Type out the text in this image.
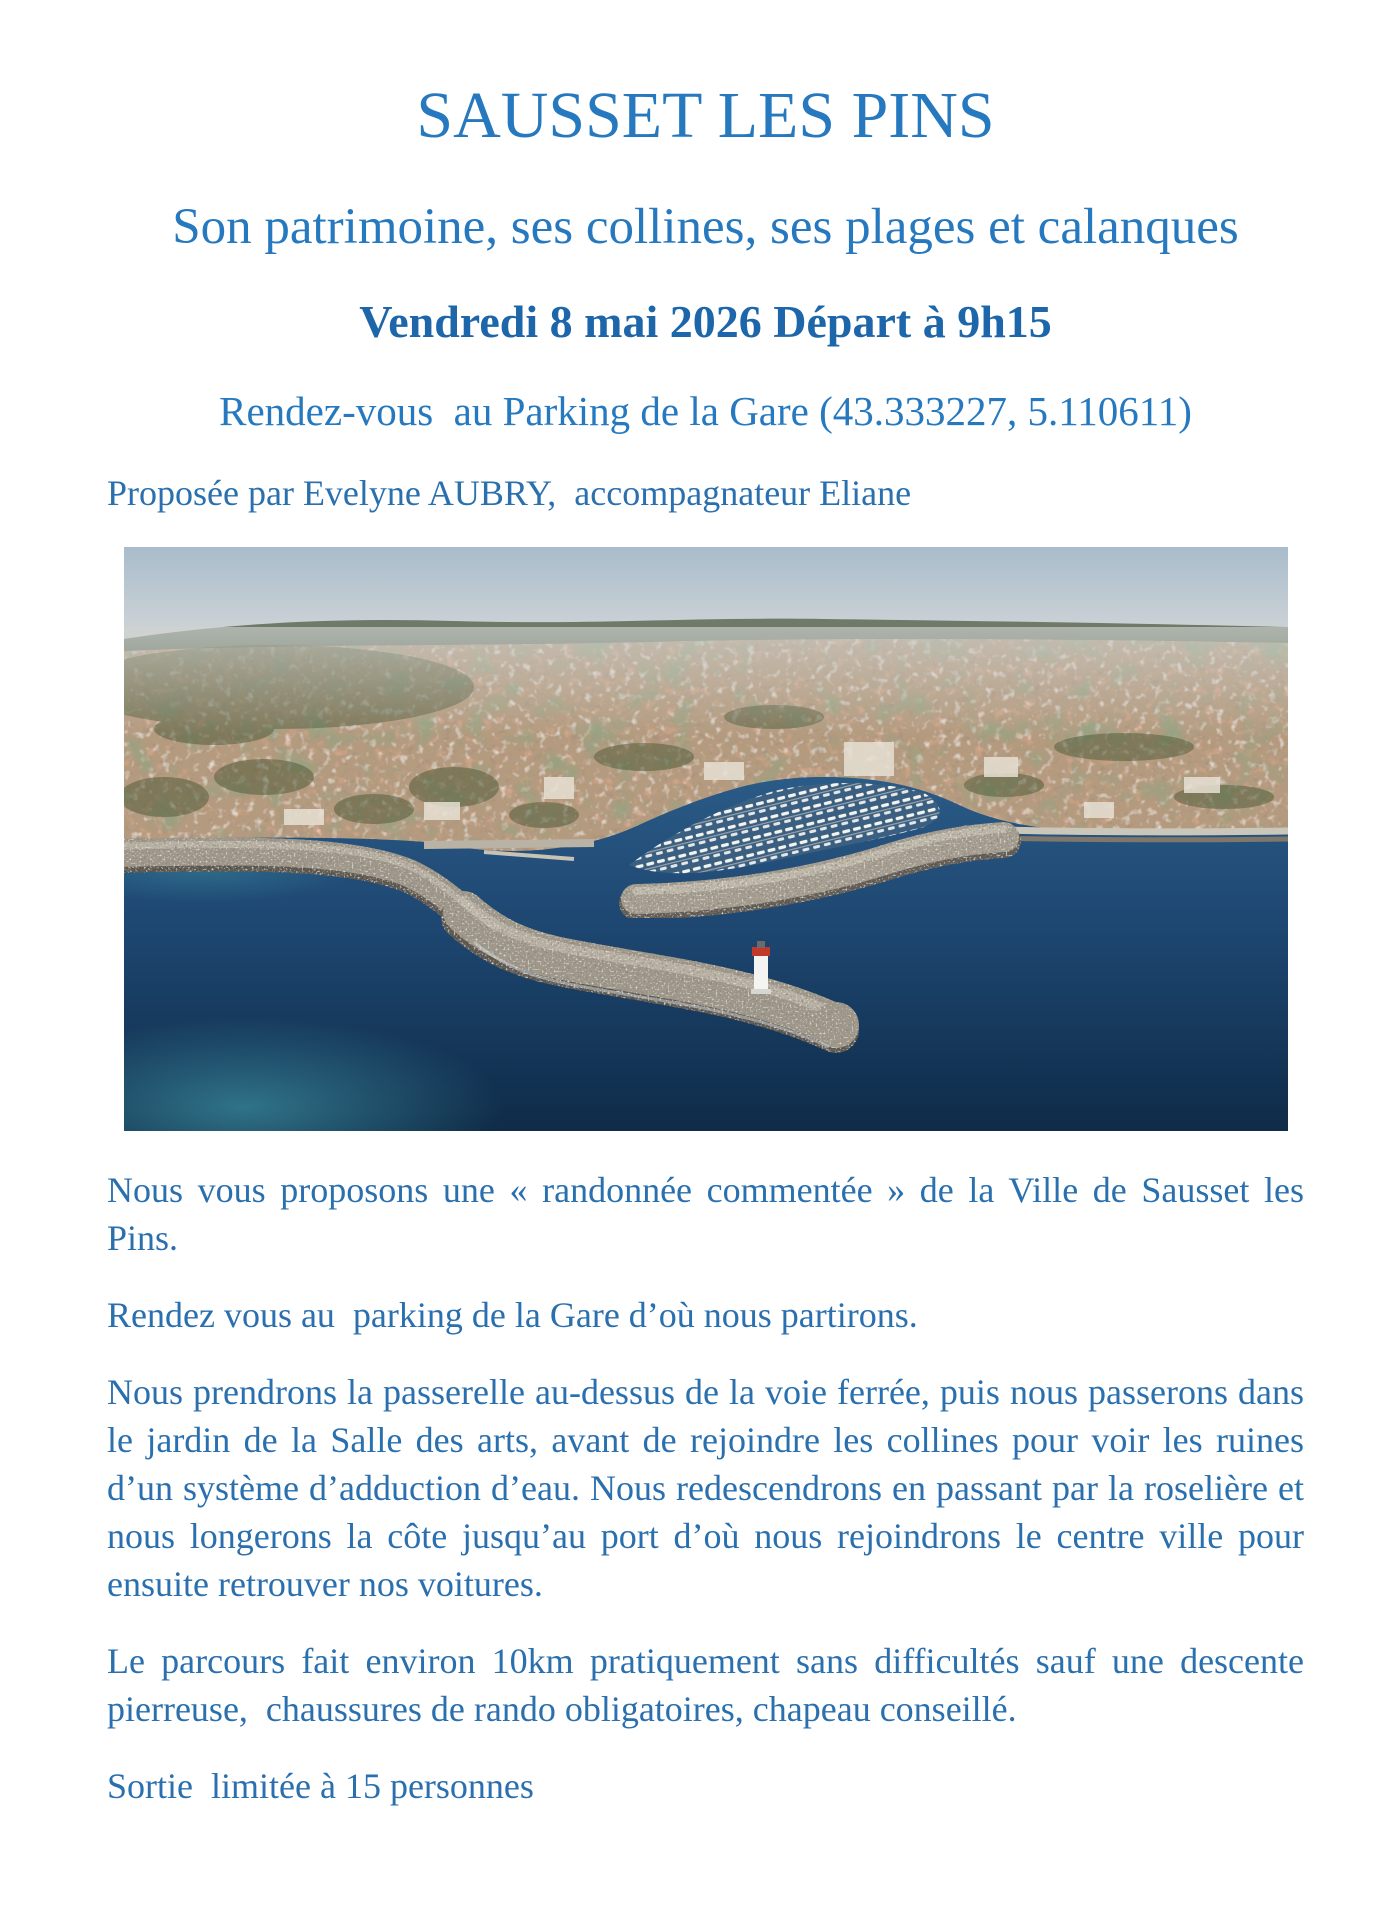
SAUSSET LES PINS
Son patrimoine, ses collines, ses plages et calanques
Vendredi 8 mai 2026 Départ à 9h15
Rendez-vous  au Parking de la Gare (43.333227, 5.110611)
Proposée par Evelyne AUBRY,  accompagnateur Eliane
Nous vous proposons une « randonnée commentée » de la Ville de Sausset les
Pins.
Rendez vous au  parking de la Gare d’où nous partirons.
Nous prendrons la passerelle au-dessus de la voie ferrée, puis nous passerons dans
le jardin de la Salle des arts, avant de rejoindre les collines pour voir les ruines
d’un système d’adduction d’eau. Nous redescendrons en passant par la roselière et
nous longerons la côte jusqu’au port d’où nous rejoindrons le centre ville pour
ensuite retrouver nos voitures.
Le parcours fait environ 10km pratiquement sans difficultés sauf une descente
pierreuse,  chaussures de rando obligatoires, chapeau conseillé.
Sortie  limitée à 15 personnes
